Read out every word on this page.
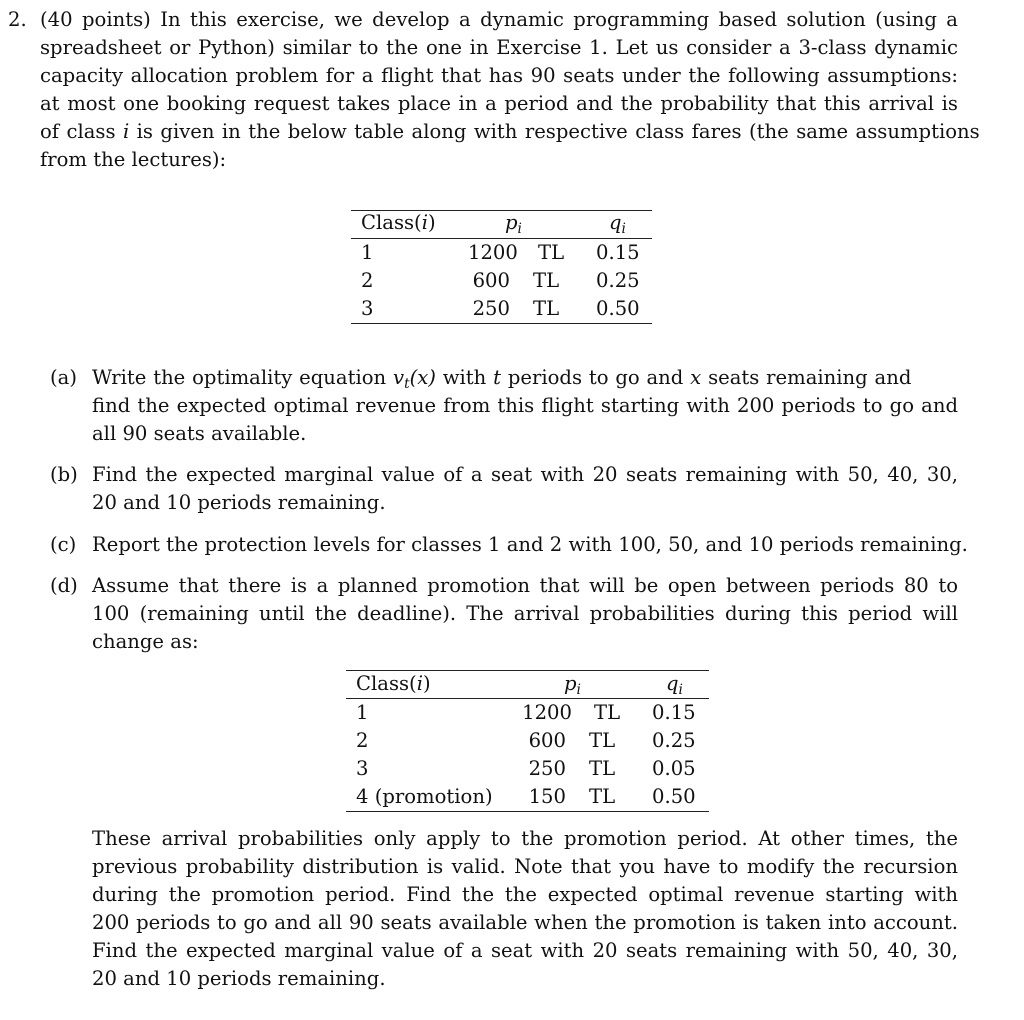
2. (40 points) In this exercise, we develop a dynamic programming based solution (using a
spreadsheet or Python) similar to the one in Exercise 1. Let us consider a 3-class dynamic
capacity allocation problem for a flight that has 90 seats under the following assumptions:
at most one booking request takes place in a period and the probability that this arrival is
of class i is given in the below table along with respective class fares (the same assumptions
from the lectures):
Class(i)	$p_i$	$q_i$
1	1200 TL 0.15
2	600 TL 0.25
3	250 TL 0.50
(a) Write the optimality equation $v_t(x)$ with t periods to go and x seats remaining and
find the expected optimal revenue from this flight starting with 200 periods to go and
all 90 seats available.
(b) Find the expected marginal value of a seat with 20 seats remaining with 50, 40, 30,
20 and 10 periods remaining.
(c) Report the protection levels for classes 1 and 2 with 100, 50, and 10 periods remaining.
(d) Assume that there is a planned promotion that will be open between periods 80 to
100 (remaining until the deadline). The arrival probabilities during this period will
change as:
Class(i)	$p_i$	$q_i$
1	1200 TL 0.15
2	600 TL 0.25
3	250 TL 0.05
4 (promotion)	150 TL 0.50
These arrival probabilities only apply to the promotion period. At other times, the
previous probability distribution is valid. Note that you have to modify the recursion
during the promotion period. Find the the expected optimal revenue starting with
200 periods to go and all 90 seats available when the promotion is taken into account.
Find the expected marginal value of a seat with 20 seats remaining with 50, 40, 30,
20 and 10 periods remaining.
